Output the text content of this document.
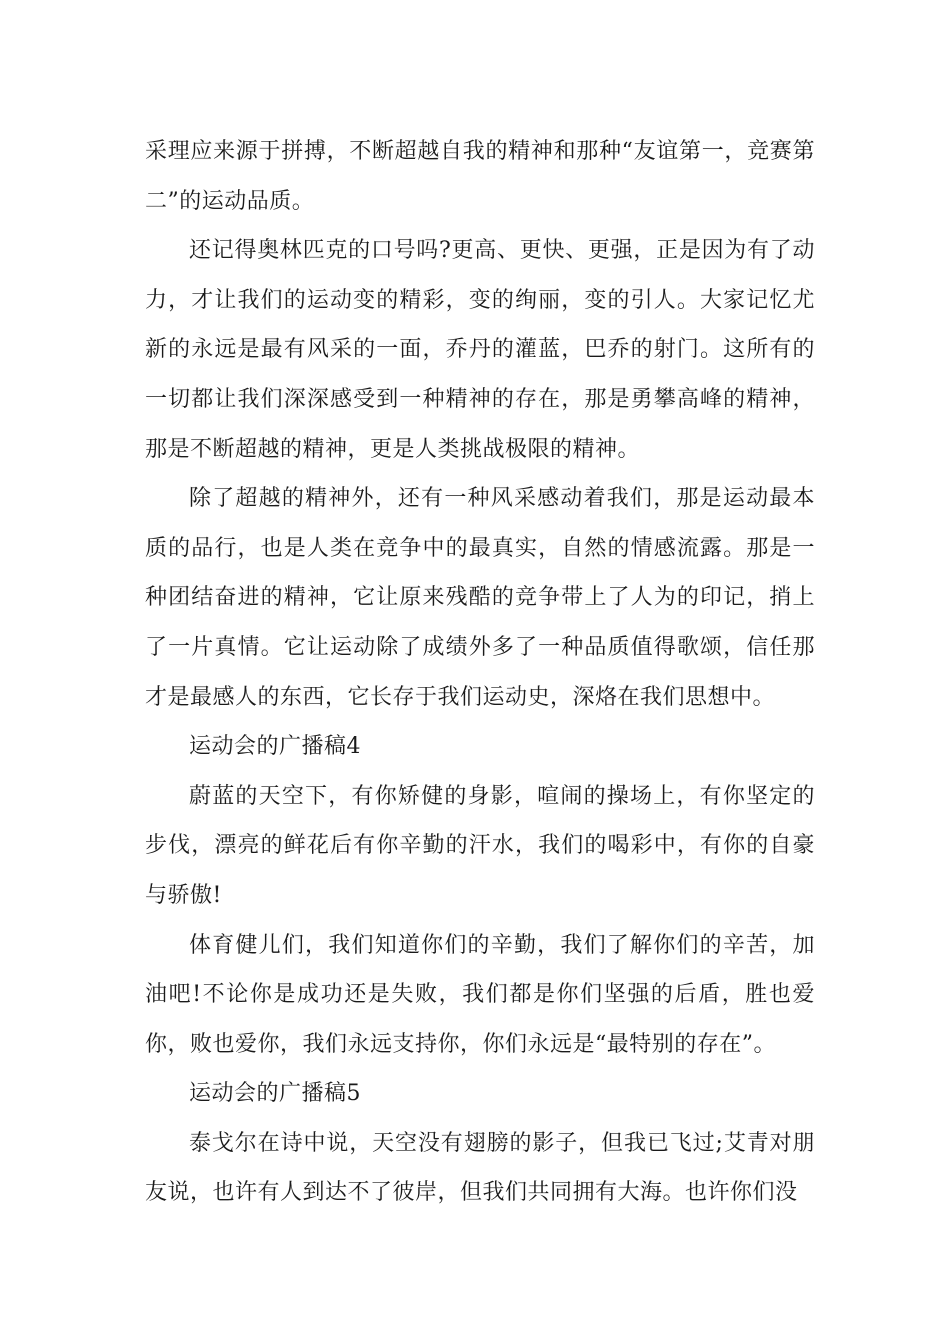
采理应来源于拼搏，不断超越自我的精神和那种“友谊第一，竞赛第二”的运动品质。

还记得奥林匹克的口号吗?更高、更快、更强，正是因为有了动力，才让我们的运动变的精彩，变的绚丽，变的引人。大家记忆尤新的永远是最有风采的一面，乔丹的灌蓝，巴乔的射门。这所有的一切都让我们深深感受到一种精神的存在，那是勇攀高峰的精神，那是不断超越的精神，更是人类挑战极限的精神。

除了超越的精神外，还有一种风采感动着我们，那是运动最本质的品行，也是人类在竞争中的最真实，自然的情感流露。那是一种团结奋进的精神，它让原来残酷的竞争带上了人为的印记，捎上了一片真情。它让运动除了成绩外多了一种品质值得歌颂，信任那才是最感人的东西，它长存于我们运动史，深烙在我们思想中。

运动会的广播稿4

蔚蓝的天空下，有你矫健的身影，喧闹的操场上，有你坚定的步伐，漂亮的鲜花后有你辛勤的汗水，我们的喝彩中，有你的自豪与骄傲!

体育健儿们，我们知道你们的辛勤，我们了解你们的辛苦，加油吧!不论你是成功还是失败，我们都是你们坚强的后盾，胜也爱你，败也爱你，我们永远支持你，你们永远是“最特别的存在”。

运动会的广播稿5

泰戈尔在诗中说，天空没有翅膀的影子，但我已飞过;艾青对朋友说，也许有人到达不了彼岸，但我们共同拥有大海。也许你们没
